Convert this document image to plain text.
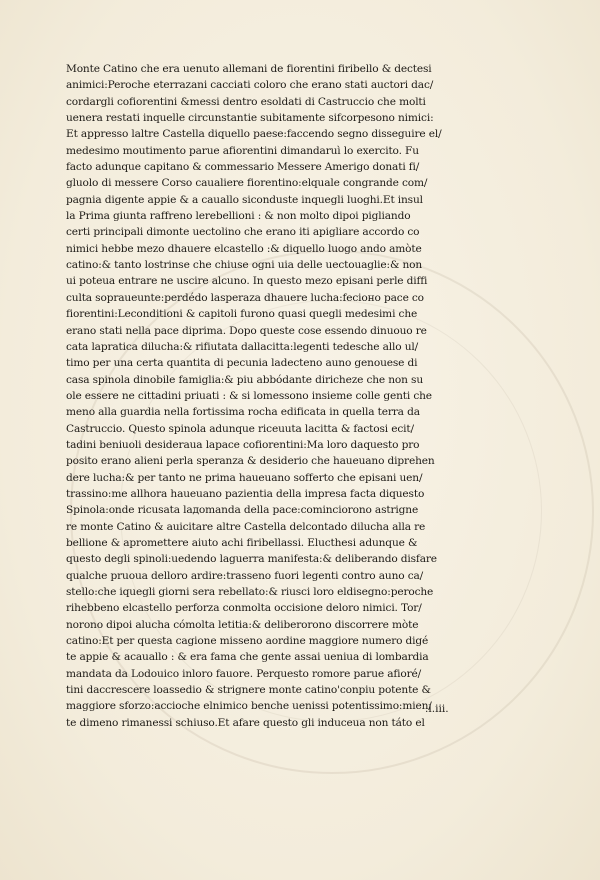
Monte Catino che era uenuto allemani de fiorentini firibello & dectesi
animici:Peroche eterrazani cacciati coloro che erano stati auctori dac/
cordargli cofiorentini &messi dentro esoldati di Castruccio che molti
uenera restati inquelle circunstantie subitamente sifcorpesono nimici:
Et appresso laltre Castella diquello paese:faccendo segno disseguire el/
medesimo moutimento parue afiorentini dimandaruì lo exercito. Fu
facto adunque capitano & commessario Messere Amerigo donati fi/
gluolo di messere Corso caualiere fiorentino:elquale congrande com/
pagnia digente appie & a cauallo siconduste inquegli luoghi.Et insul
la Prima giunta raffreno lerebellioni : & non molto dipoi pigliando
certi principali dimonte uectolino che erano iti apigliare accordo co
nimici hebbe mezo dhauere elcastello :& diquello luogo ando amòte
catino:& tanto lostrinse che chiuse ogni uia delle uectouaglie:& non
ui poteua entrare ne uscire alcuno. In questo mezo episani perle diffi
culta sopraueunte:perdédo lasperaza dhauere lucha:fecioно pace co
fiorentini:Leconditioni & capitoli furono quasi quegli medesimi che
erano stati nella pace diprima. Dopo queste cose essendo dinuouo re
cata lapratica dilucha:& rifiutata dallacitta:legenti tedesche allo ul/
timo per una certa quantita di pecunia ladectеno auno genouese di
casa spinola dinobile famiglia:& piu abbódante diricheze che non su
ole essere ne cittadini priuati : & si lomessono insieme colle genti che
meno alla guardia nella fortissima rocha edificata in quella terra da
Castruccio. Questo spinola adunque riceuuta lacitta & factosi ecit/
tadini beniuoli desideraua lapace cofiorentini:Ma loro daquesto pro
posito erano alieni perla speranza & desiderio che haueuano diprehen
dere lucha:& per tanto ne prima haueuano sofferto che episani uen/
trassino:me allhora haueuano pazientia della impresa facta diquesto
Spinola:onde ricusata lадomanda della pace:cominciorono astrigne
re monte Catino & auicitare altre Castella delcontado dilucha alla re
bellione & apromettere aiuto achi firibellassi. Elucthesi adunque &
questo degli spinoli:uedendo laguerra manifesta:& deliberando disfare
qualche pruoua delloro ardire:trassеno fuori legenti contro auno ca/
stello:che iquegli giorni sera rebellato:& riusci loro eldisegno:peroche
rihebbeno elcastello perforza conmolta occisione deloro nimici. Tor/
norono dipoi alucha cómolta letitia:& deliberorono discorrere mòte
catino:Et per questa cagione missеno aordine maggiore numero digé
te appie & acauallo : & era fama che gente assai ueniua di lombardia
mandata da Lodouico inloro fauore. Perquesto romore parue afioré/
tini daccrescere loassedio & strignere monte catino'conpiu potente &
maggiore sforzo:accioche elnimico benche uenissi potentissimo:mien/
te dimeno rimanessi schiuso.Et afare questo gli induceua non táto el
.l.iii.
